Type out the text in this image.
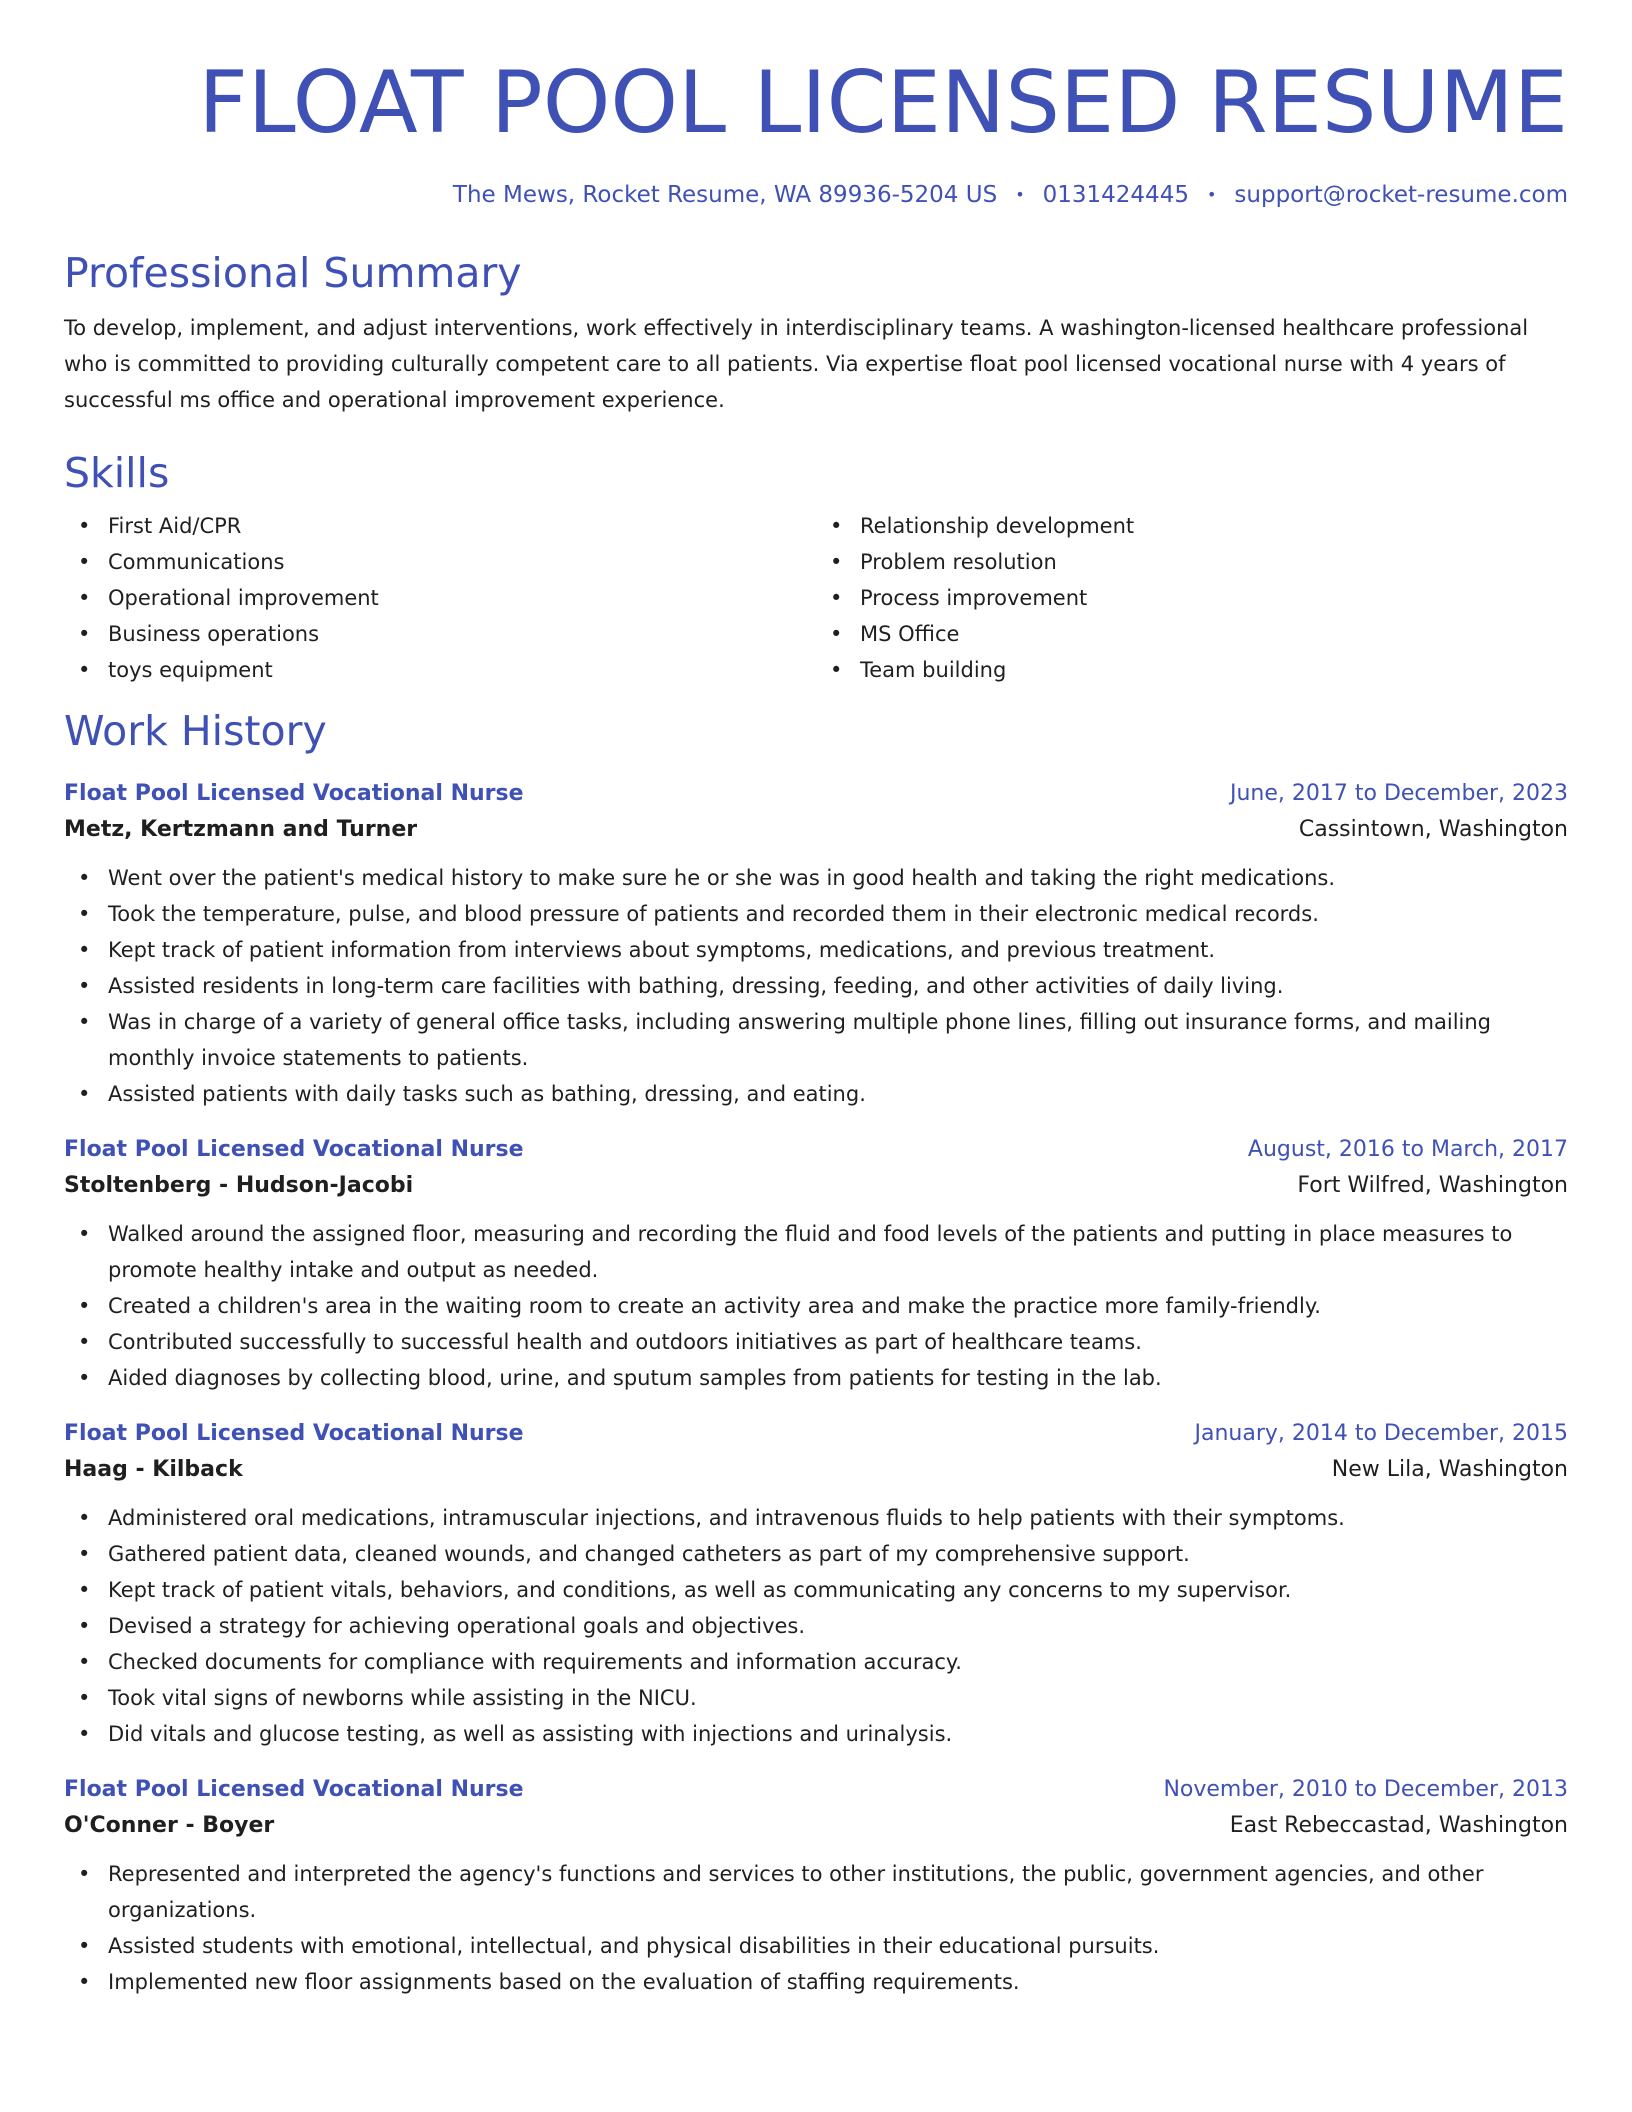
FLOAT POOL LICENSED RESUME
The Mews, Rocket Resume, WA 89936-5204 US • 0131424445 • support@rocket-resume.com
Professional Summary

To develop, implement, and adjust interventions, work effectively in interdisciplinary teams. A washington-licensed healthcare professional who is committed to providing culturally competent care to all patients. Via expertise float pool licensed vocational nurse with 4 years of successful ms office and operational improvement experience.

Skills
• First Aid/CPR
• Communications
• Operational improvement
• Business operations
• toys equipment
• Relationship development
• Problem resolution
• Process improvement
• MS Office
• Team building
Work History
Float Pool Licensed Vocational Nurse	June, 2017 to December, 2023
Metz, Kertzmann and Turner	Cassintown, Washington
• Went over the patient's medical history to make sure he or she was in good health and taking the right medications.
• Took the temperature, pulse, and blood pressure of patients and recorded them in their electronic medical records.
• Kept track of patient information from interviews about symptoms, medications, and previous treatment.
• Assisted residents in long-term care facilities with bathing, dressing, feeding, and other activities of daily living.
• Was in charge of a variety of general office tasks, including answering multiple phone lines, filling out insurance forms, and mailing monthly invoice statements to patients.
• Assisted patients with daily tasks such as bathing, dressing, and eating.
Float Pool Licensed Vocational Nurse	August, 2016 to March, 2017
Stoltenberg - Hudson-Jacobi	Fort Wilfred, Washington
• Walked around the assigned floor, measuring and recording the fluid and food levels of the patients and putting in place measures to promote healthy intake and output as needed.
• Created a children's area in the waiting room to create an activity area and make the practice more family-friendly.
• Contributed successfully to successful health and outdoors initiatives as part of healthcare teams.
• Aided diagnoses by collecting blood, urine, and sputum samples from patients for testing in the lab.
Float Pool Licensed Vocational Nurse	January, 2014 to December, 2015
Haag - Kilback	New Lila, Washington
• Administered oral medications, intramuscular injections, and intravenous fluids to help patients with their symptoms.
• Gathered patient data, cleaned wounds, and changed catheters as part of my comprehensive support.
• Kept track of patient vitals, behaviors, and conditions, as well as communicating any concerns to my supervisor.
• Devised a strategy for achieving operational goals and objectives.
• Checked documents for compliance with requirements and information accuracy.
• Took vital signs of newborns while assisting in the NICU.
• Did vitals and glucose testing, as well as assisting with injections and urinalysis.
Float Pool Licensed Vocational Nurse	November, 2010 to December, 2013
O'Conner - Boyer	East Rebeccastad, Washington
• Represented and interpreted the agency's functions and services to other institutions, the public, government agencies, and other organizations.
• Assisted students with emotional, intellectual, and physical disabilities in their educational pursuits.
• Implemented new floor assignments based on the evaluation of staffing requirements.
